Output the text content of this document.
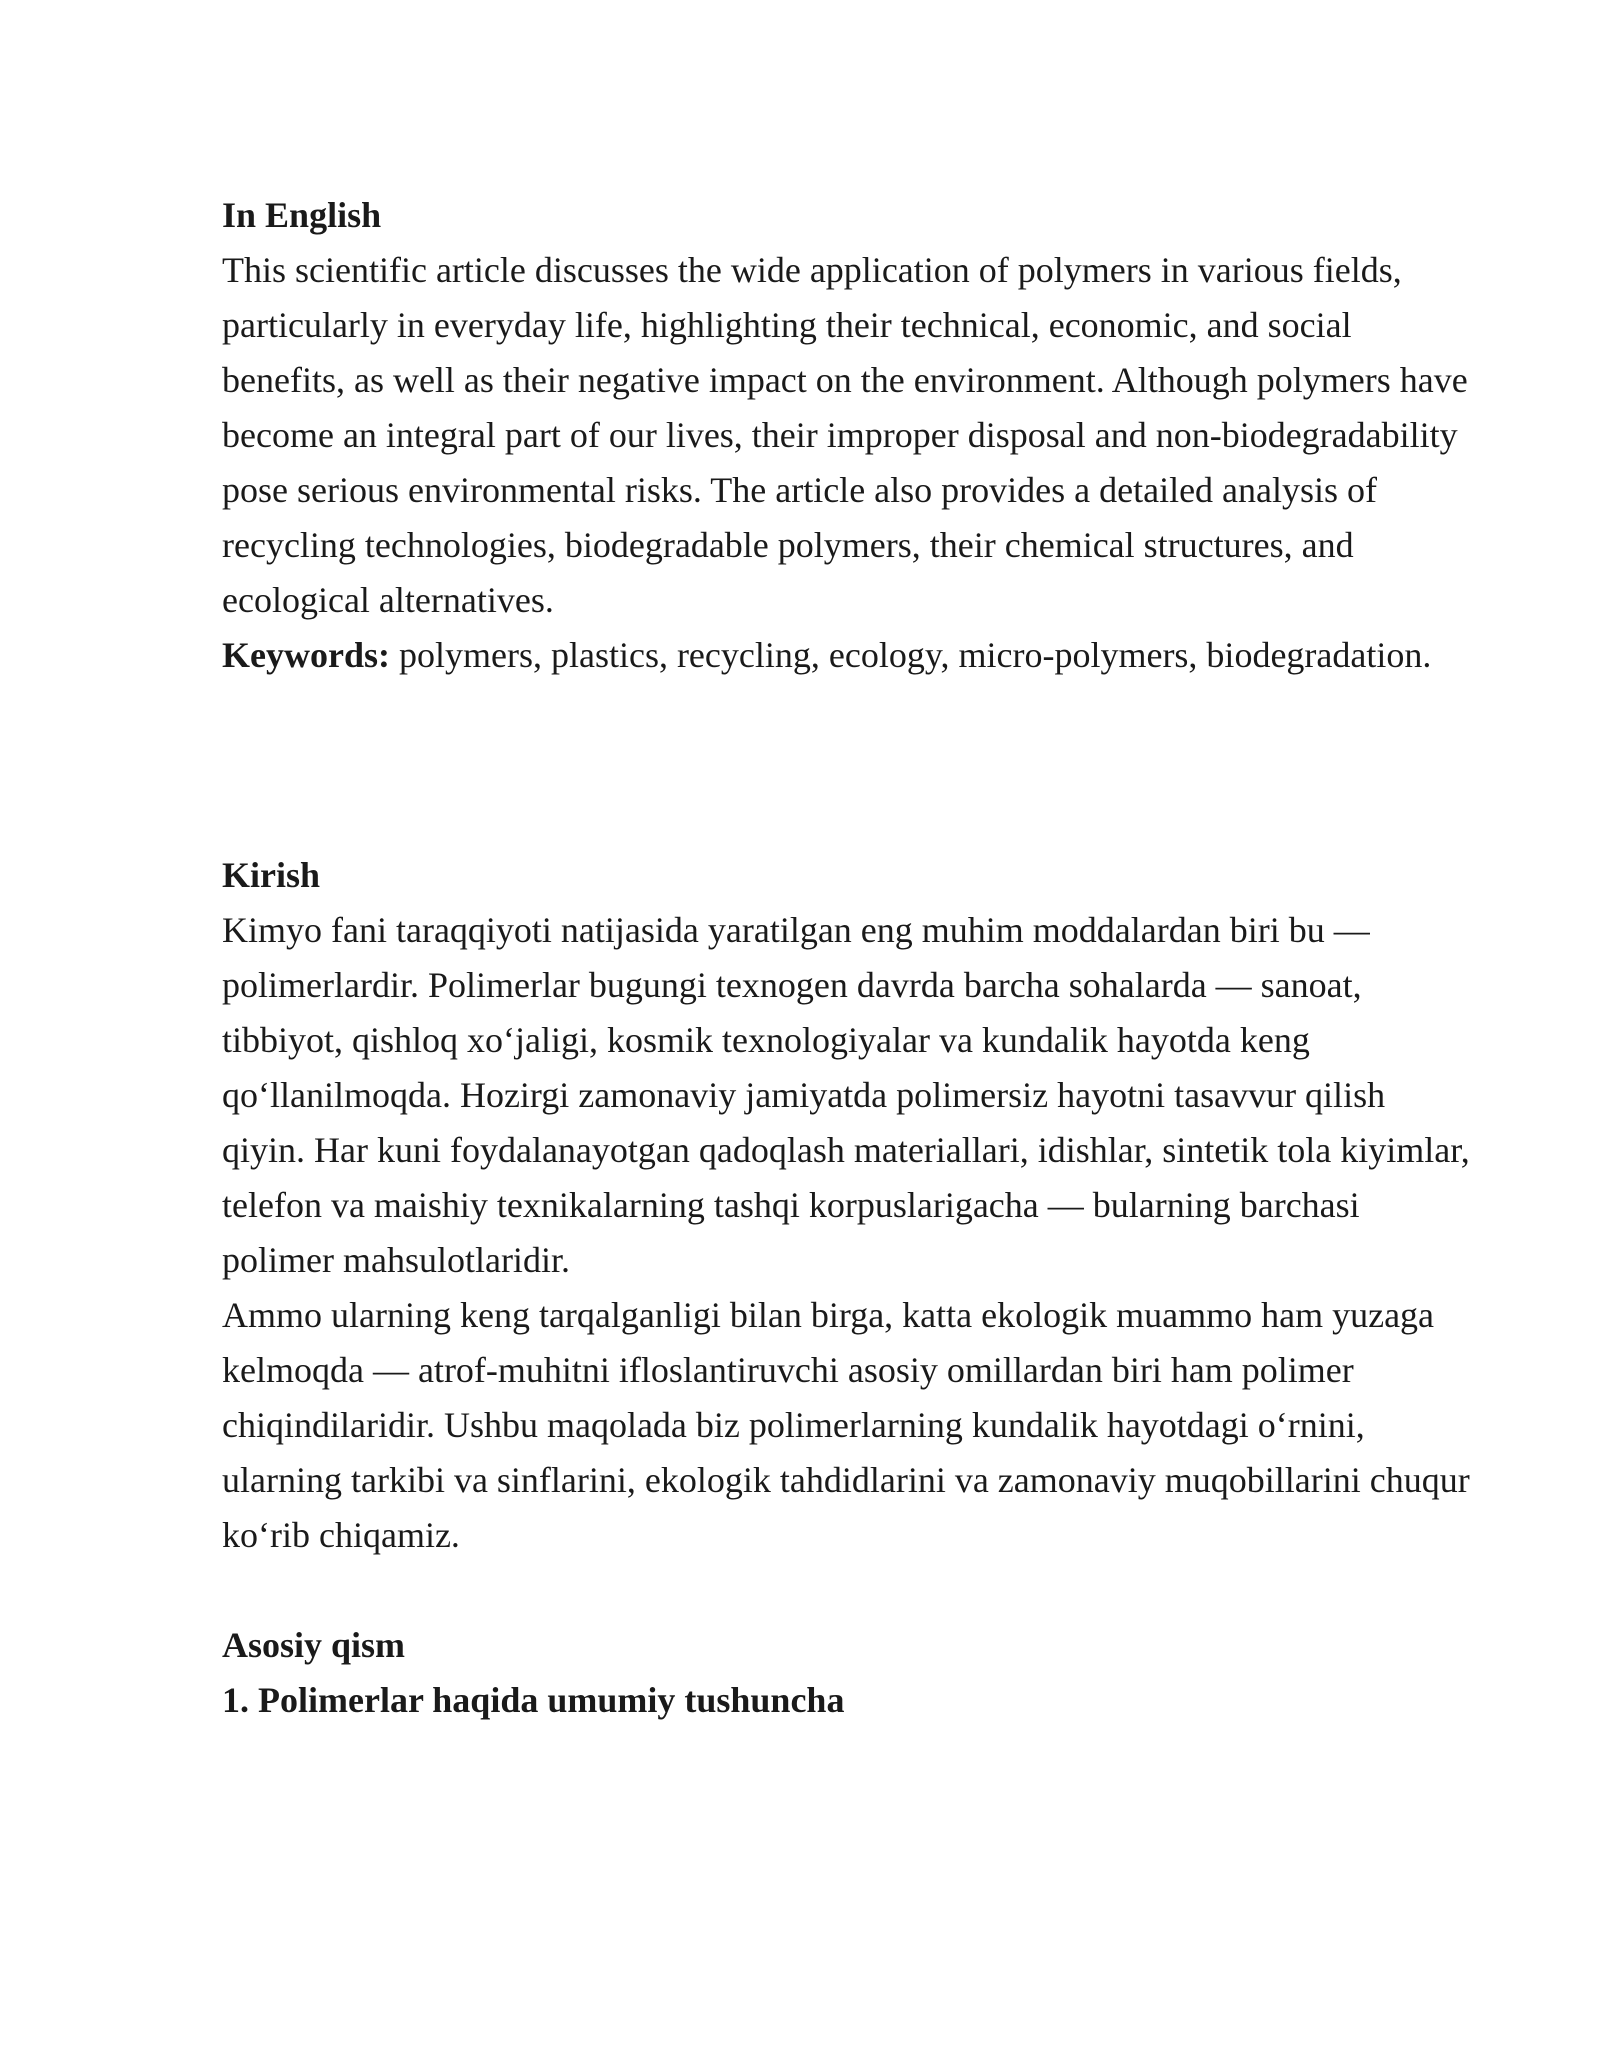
In English

This scientific article discusses the wide application of polymers in various fields, particularly in everyday life, highlighting their technical, economic, and social benefits, as well as their negative impact on the environment. Although polymers have become an integral part of our lives, their improper disposal and non-biodegradability pose serious environmental risks. The article also provides a detailed analysis of recycling technologies, biodegradable polymers, their chemical structures, and ecological alternatives.

Keywords: polymers, plastics, recycling, ecology, micro-polymers, biodegradation.

Kirish

Kimyo fani taraqqiyoti natijasida yaratilgan eng muhim moddalardan biri bu — polimerlardir. Polimerlar bugungi texnogen davrda barcha sohalarda — sanoat, tibbiyot, qishloq xo‘jaligi, kosmik texnologiyalar va kundalik hayotda keng qo‘llanilmoqda. Hozirgi zamonaviy jamiyatda polimersiz hayotni tasavvur qilish qiyin. Har kuni foydalanayotgan qadoqlash materiallari, idishlar, sintetik tola kiyimlar, telefon va maishiy texnikalarning tashqi korpuslarigacha — bularning barchasi polimer mahsulotlaridir.

Ammo ularning keng tarqalganligi bilan birga, katta ekologik muammo ham yuzaga kelmoqda — atrof-muhitni ifloslantiruvchi asosiy omillardan biri ham polimer chiqindilaridir. Ushbu maqolada biz polimerlarning kundalik hayotdagi o‘rnini, ularning tarkibi va sinflarini, ekologik tahdidlarini va zamonaviy muqobillarini chuqur ko‘rib chiqamiz.

Asosiy qism
1. Polimerlar haqida umumiy tushuncha
